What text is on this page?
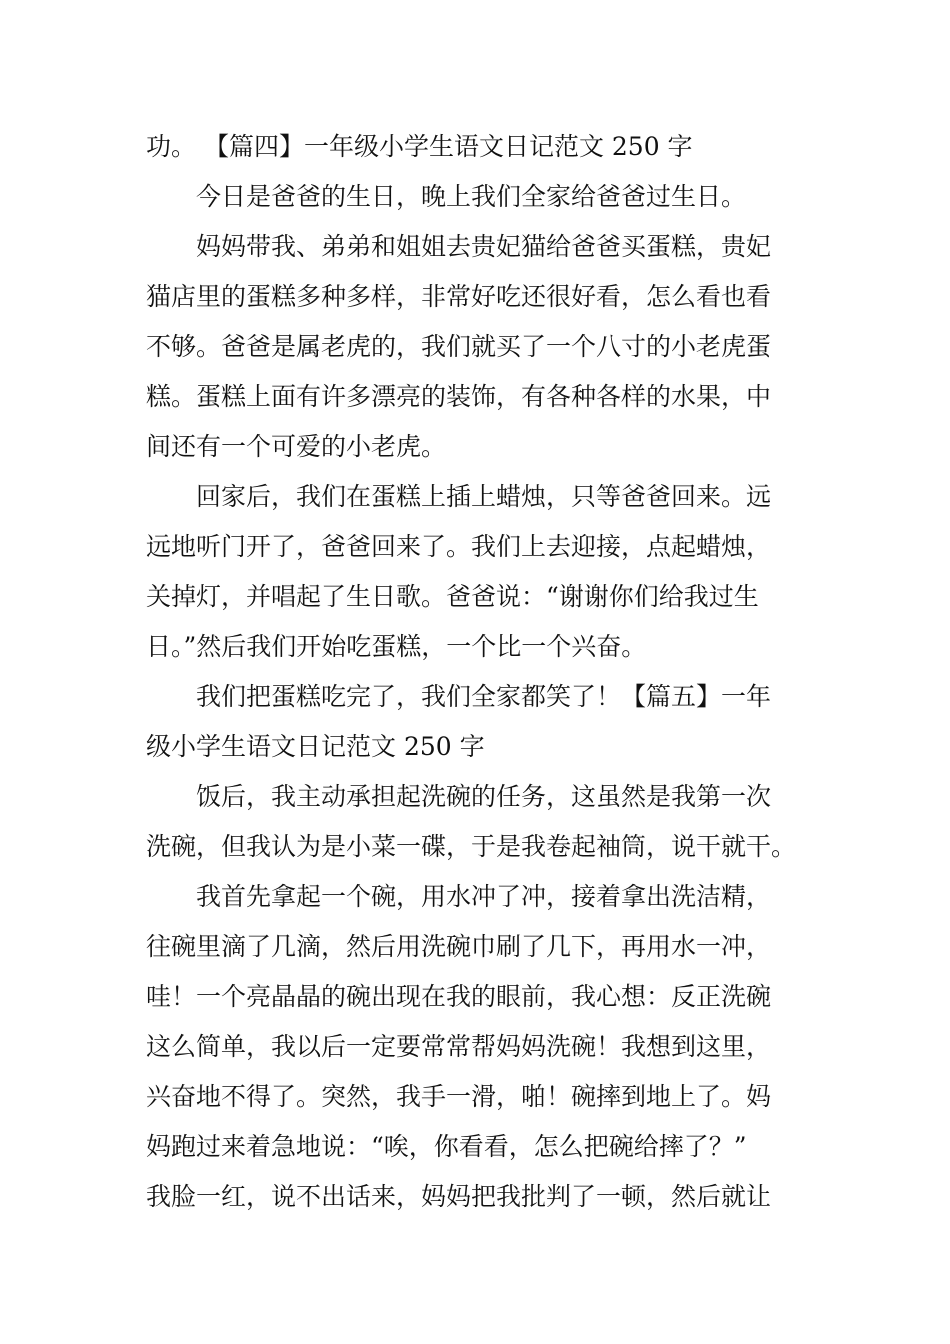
功。 【篇四】一年级小学生语文日记范文 250 字
今日是爸爸的生日，晚上我们全家给爸爸过生日。
妈妈带我、弟弟和姐姐去贵妃猫给爸爸买蛋糕，贵妃
猫店里的蛋糕多种多样，非常好吃还很好看，怎么看也看
不够。爸爸是属老虎的，我们就买了一个八寸的小老虎蛋
糕。蛋糕上面有许多漂亮的装饰，有各种各样的水果，中
间还有一个可爱的小老虎。
回家后，我们在蛋糕上插上蜡烛，只等爸爸回来。远
远地听门开了，爸爸回来了。我们上去迎接，点起蜡烛，
关掉灯，并唱起了生日歌。爸爸说：“谢谢你们给我过生
日。”然后我们开始吃蛋糕，一个比一个兴奋。
我们把蛋糕吃完了，我们全家都笑了！【篇五】一年
级小学生语文日记范文 250 字
饭后，我主动承担起洗碗的任务，这虽然是我第一次
洗碗，但我认为是小菜一碟，于是我卷起袖筒，说干就干。
我首先拿起一个碗，用水冲了冲，接着拿出洗洁精，
往碗里滴了几滴，然后用洗碗巾刷了几下，再用水一冲，
哇！一个亮晶晶的碗出现在我的眼前，我心想：反正洗碗
这么简单，我以后一定要常常帮妈妈洗碗！我想到这里，
兴奋地不得了。突然，我手一滑，啪！碗摔到地上了。妈
妈跑过来着急地说：“唉，你看看，怎么把碗给摔了？”
我脸一红，说不出话来，妈妈把我批判了一顿，然后就让
